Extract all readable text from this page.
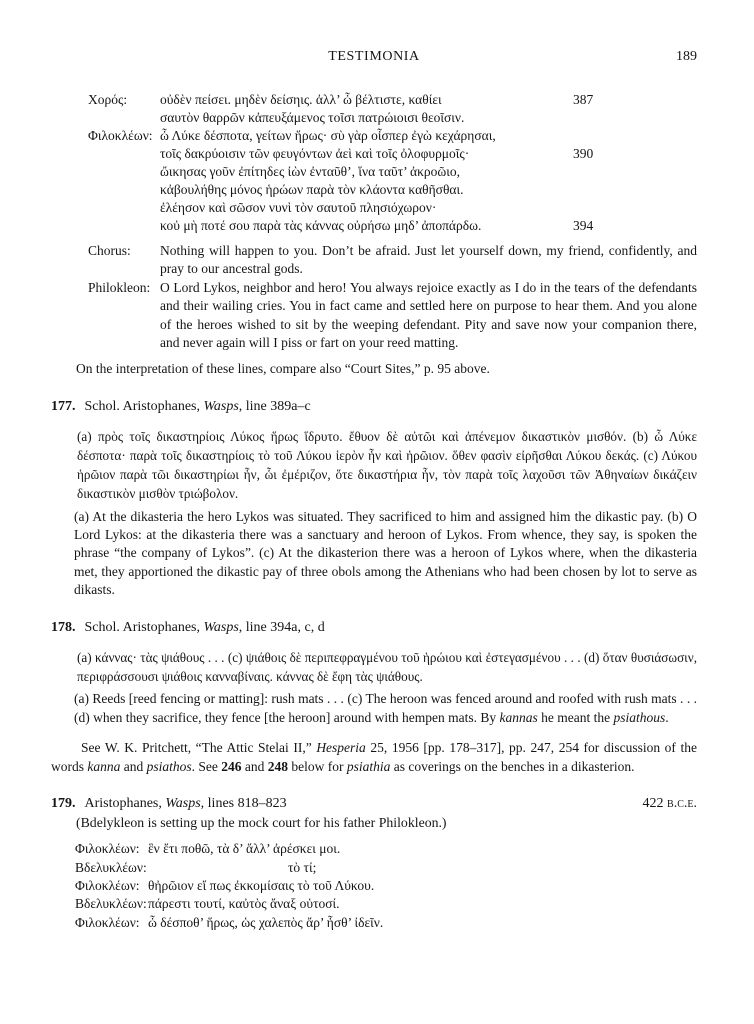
TESTIMONIA	189

Χορός: οὐδὲν πείσει. μηδὲν δείσηις. ἀλλ’ ὦ βέλτιστε, καθίει	387

σαυτὸν θαρρῶν κἀπευξάμενος τοῖσι πατρώιοισι θεοῖσιν.

Φιλοκλέων: ὦ Λύκε δέσποτα, γείτων ἥρως· σὺ γὰρ οἷσπερ ἐγὼ κεχάρησαι,

τοῖς δακρύοισιν τῶν φευγόντων ἀεὶ καὶ τοῖς ὀλοφυρμοῖς·	390

ὤικησας γοῦν ἐπίτηδες ἰὼν ἐνταῦθ’, ἵνα ταῦτ’ ἀκροῶιο,

κἀβουλήθης μόνος ἡρώων παρὰ τὸν κλάοντα καθῆσθαι.

ἐλέησον καὶ σῶσον νυνὶ τὸν σαυτοῦ πλησιόχωρον·

κοὐ μὴ ποτέ σου παρὰ τὰς κάννας οὐρήσω μηδ’ ἀποπάρδω.	394

Chorus: Nothing will happen to you. Don’t be afraid. Just let yourself down, my friend, confidently, and pray to our ancestral gods.

Philokleon: O Lord Lykos, neighbor and hero! You always rejoice exactly as I do in the tears of the defendants and their wailing cries. You in fact came and settled here on purpose to hear them. And you alone of the heroes wished to sit by the weeping defendant. Pity and save now your companion there, and never again will I piss or fart on your reed matting.

On the interpretation of these lines, compare also “Court Sites,” p. 95 above.

177. Schol. Aristophanes, Wasps, line 389a–c

(a) πρὸς τοῖς δικαστηρίοις Λύκος ἥρως ἵδρυτο. ἔθυον δὲ αὐτῶι καὶ ἀπένεμον δικαστικὸν μισθόν. (b) ὦ Λύκε δέσποτα· παρὰ τοῖς δικαστηρίοις τὸ τοῦ Λύκου ἱερὸν ἦν καὶ ἡρῶιον. ὅθεν φασὶν εἰρῆσθαι Λύκου δεκάς. (c) Λύκου ἡρῶιον παρὰ τῶι δικαστηρίωι ἦν, ὧι ἐμέριζον, ὅτε δικαστήρια ἦν, τὸν παρὰ τοῖς λαχοῦσι τῶν Ἀθηναίων δικάζειν δικαστικὸν μισθὸν τριώβολον.

(a) At the dikasteria the hero Lykos was situated. They sacrificed to him and assigned him the dikastic pay. (b) O Lord Lykos: at the dikasteria there was a sanctuary and heroon of Lykos. From whence, they say, is spoken the phrase “the company of Lykos”. (c) At the dikasterion there was a heroon of Lykos where, when the dikasteria met, they apportioned the dikastic pay of three obols among the Athenians who had been chosen by lot to serve as dikasts.

178. Schol. Aristophanes, Wasps, line 394a, c, d

(a) κάννας· τὰς ψιάθους . . . (c) ψιάθοις δὲ περιπεφραγμένου τοῦ ἡρώιου καὶ ἐστεγασμένου . . . (d) ὅταν θυσιάσωσιν, περιφράσσουσι ψιάθοις κανναβίναις. κάννας δὲ ἔφη τὰς ψιάθους.

(a) Reeds [reed fencing or matting]: rush mats . . . (c) The heroon was fenced around and roofed with rush mats . . . (d) when they sacrifice, they fence [the heroon] around with hempen mats. By kannas he meant the psiathous.

See W. K. Pritchett, “The Attic Stelai II,” Hesperia 25, 1956 [pp. 178–317], pp. 247, 254 for discussion of the words kanna and psiathos. See 246 and 248 below for psiathia as coverings on the benches in a dikasterion.

179. Aristophanes, Wasps, lines 818–823	422 b.c.e.

(Bdelykleon is setting up the mock court for his father Philokleon.)

Φιλοκλέων: ἓν ἔτι ποθῶ, τὰ δ’ ἄλλ’ ἀρέσκει μοι.

Βδελυκλέων:	τὸ τί;

Φιλοκλέων: θἠρῶιον εἴ πως ἐκκομίσαις τὸ τοῦ Λύκου.

Βδελυκλέων: πάρεστι τουτί, καὐτὸς ἄναξ οὑτοσί.

Φιλοκλέων: ὦ δέσποθ’ ἥρως, ὡς χαλεπὸς ἄρ’ ἦσθ’ ἰδεῖν.
